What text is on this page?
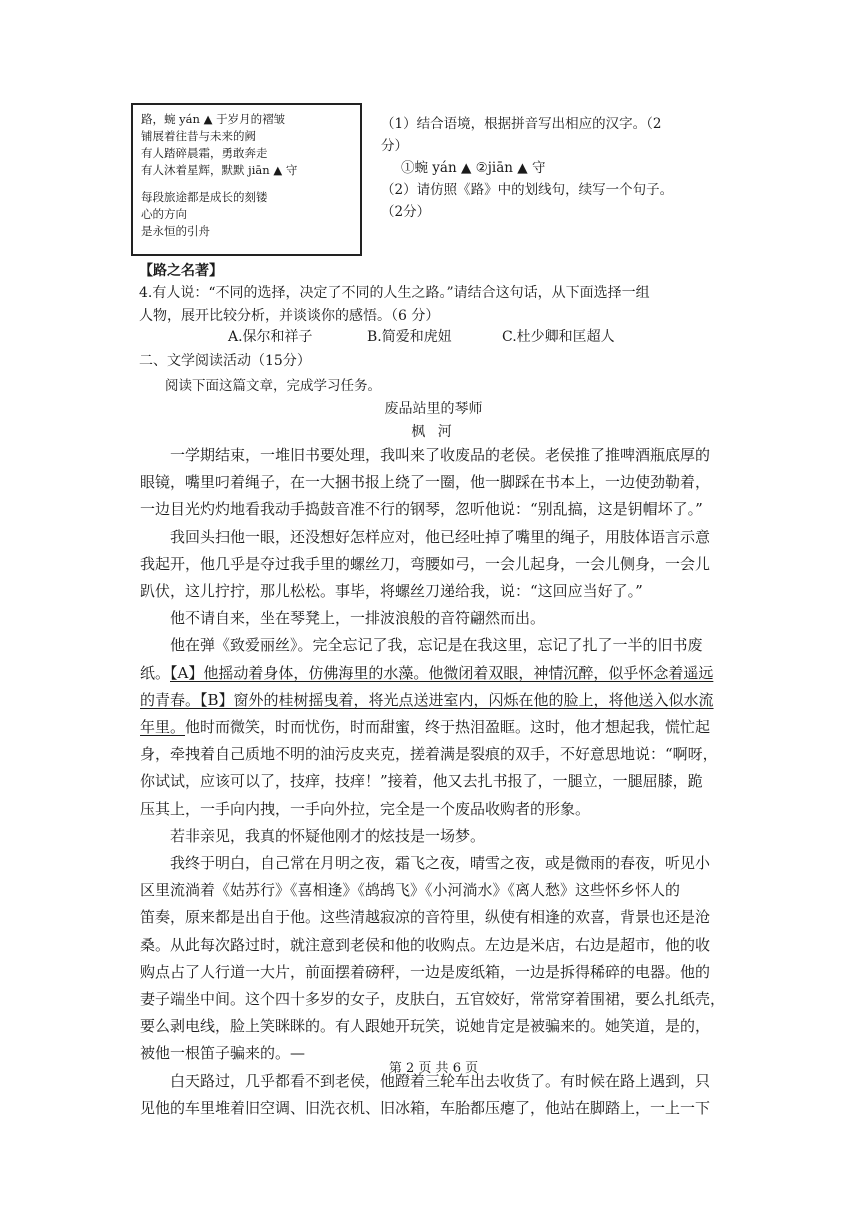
路，蜿 yán ▲ 于岁月的褶皱
铺展着往昔与未来的阙
有人踏碎晨霜，勇敢奔走
有人沐着星辉，默默 jiān ▲ 守
每段旅途都是成长的刻镂
心的方向
是永恒的引舟
（1）结合语境，根据拼音写出相应的汉字。（2
分）
①蜿 yán ▲ ②jiān ▲ 守
（2）请仿照《路》中的划线句，续写一个句子。
（2分）
【路之名著】
4.有人说：“不同的选择，决定了不同的人生之路。”请结合这句话，从下面选择一组
人物，展开比较分析，并谈谈你的感悟。（6 分）
A.保尔和祥子	B.简爱和虎妞	C.杜少卿和匡超人
二、文学阅读活动（15分）
阅读下面这篇文章，完成学习任务。
废品站里的琴师
枫 河
一学期结束，一堆旧书要处理，我叫来了收废品的老侯。老侯推了推啤酒瓶底厚的
眼镜，嘴里叼着绳子，在一大捆书报上绕了一圈，他一脚踩在书本上，一边使劲勒着，
一边目光灼灼地看我动手捣鼓音准不行的钢琴，忽听他说：“别乱搞，这是钥帽坏了。”
我回头扫他一眼，还没想好怎样应对，他已经吐掉了嘴里的绳子，用肢体语言示意
我起开，他几乎是夺过我手里的螺丝刀，弯腰如弓，一会儿起身，一会儿侧身，一会儿
趴伏，这儿拧拧，那儿松松。事毕，将螺丝刀递给我，说：“这回应当好了。”
他不请自来，坐在琴凳上，一排波浪般的音符翩然而出。
他在弹《致爱丽丝》。完全忘记了我，忘记是在我这里，忘记了扎了一半的旧书废
纸。【A】他摇动着身体，仿佛海里的水藻。他微闭着双眼，神情沉醉，似乎怀念着遥远
的青春。【B】窗外的桂树摇曳着，将光点送进室内，闪烁在他的脸上，将他送入似水流
年里。他时而微笑，时而忧伤，时而甜蜜，终于热泪盈眶。这时，他才想起我，慌忙起
身，牵拽着自己质地不明的油污皮夹克，搓着满是裂痕的双手，不好意思地说：“啊呀，
你试试，应该可以了，技痒，技痒！”接着，他又去扎书报了，一腿立，一腿屈膝，跪
压其上，一手向内拽，一手向外拉，完全是一个废品收购者的形象。
若非亲见，我真的怀疑他刚才的炫技是一场梦。
我终于明白，自己常在月明之夜，霜飞之夜，晴雪之夜，或是微雨的春夜，听见小
区里流淌着《姑苏行》《喜相逢》《鸪鸪飞》《小河淌水》《离人愁》这些怀乡怀人的
笛奏，原来都是出自于他。这些清越寂凉的音符里，纵使有相逢的欢喜，背景也还是沧
桑。从此每次路过时，就注意到老侯和他的收购点。左边是米店，右边是超市，他的收
购点占了人行道一大片，前面摆着磅秤，一边是废纸箱，一边是拆得稀碎的电器。他的
妻子端坐中间。这个四十多岁的女子，皮肤白，五官姣好，常常穿着围裙，要么扎纸壳，
要么剥电线，脸上笑眯眯的。有人跟她开玩笑，说她肯定是被骗来的。她笑道，是的，
被他一根笛子骗来的。—
白天路过，几乎都看不到老侯，他蹬着三轮车出去收货了。有时候在路上遇到，只
见他的车里堆着旧空调、旧洗衣机、旧冰箱，车胎都压瘪了，他站在脚踏上，一上一下
第 2 页 共 6 页
